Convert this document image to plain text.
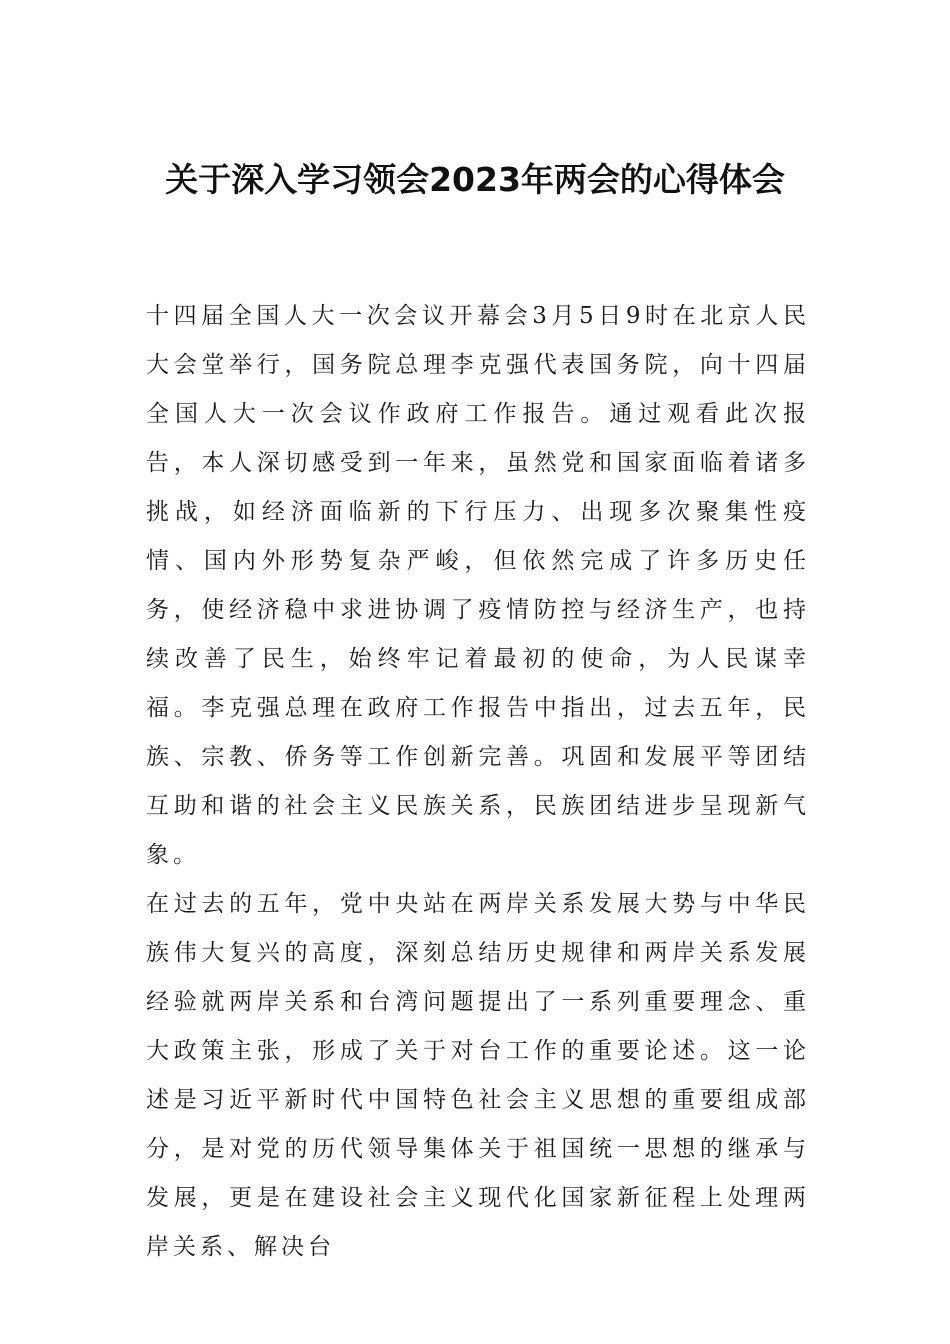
关于深入学习领会2023年两会的心得体会

十四届全国人大一次会议开幕会3月5日9时在北京人民大会堂举行，国务院总理李克强代表国务院，向十四届全国人大一次会议作政府工作报告。通过观看此次报告，本人深切感受到一年来，虽然党和国家面临着诸多挑战，如经济面临新的下行压力、出现多次聚集性疫情、国内外形势复杂严峻，但依然完成了许多历史任务，使经济稳中求进协调了疫情防控与经济生产，也持续改善了民生，始终牢记着最初的使命，为人民谋幸福。李克强总理在政府工作报告中指出，过去五年，民族、宗教、侨务等工作创新完善。巩固和发展平等团结互助和谐的社会主义民族关系，民族团结进步呈现新气象。

在过去的五年，党中央站在两岸关系发展大势与中华民族伟大复兴的高度，深刻总结历史规律和两岸关系发展经验就两岸关系和台湾问题提出了一系列重要理念、重大政策主张，形成了关于对台工作的重要论述。这一论述是习近平新时代中国特色社会主义思想的重要组成部分，是对党的历代领导集体关于祖国统一思想的继承与发展，更是在建设社会主义现代化国家新征程上处理两岸关系、解决台
